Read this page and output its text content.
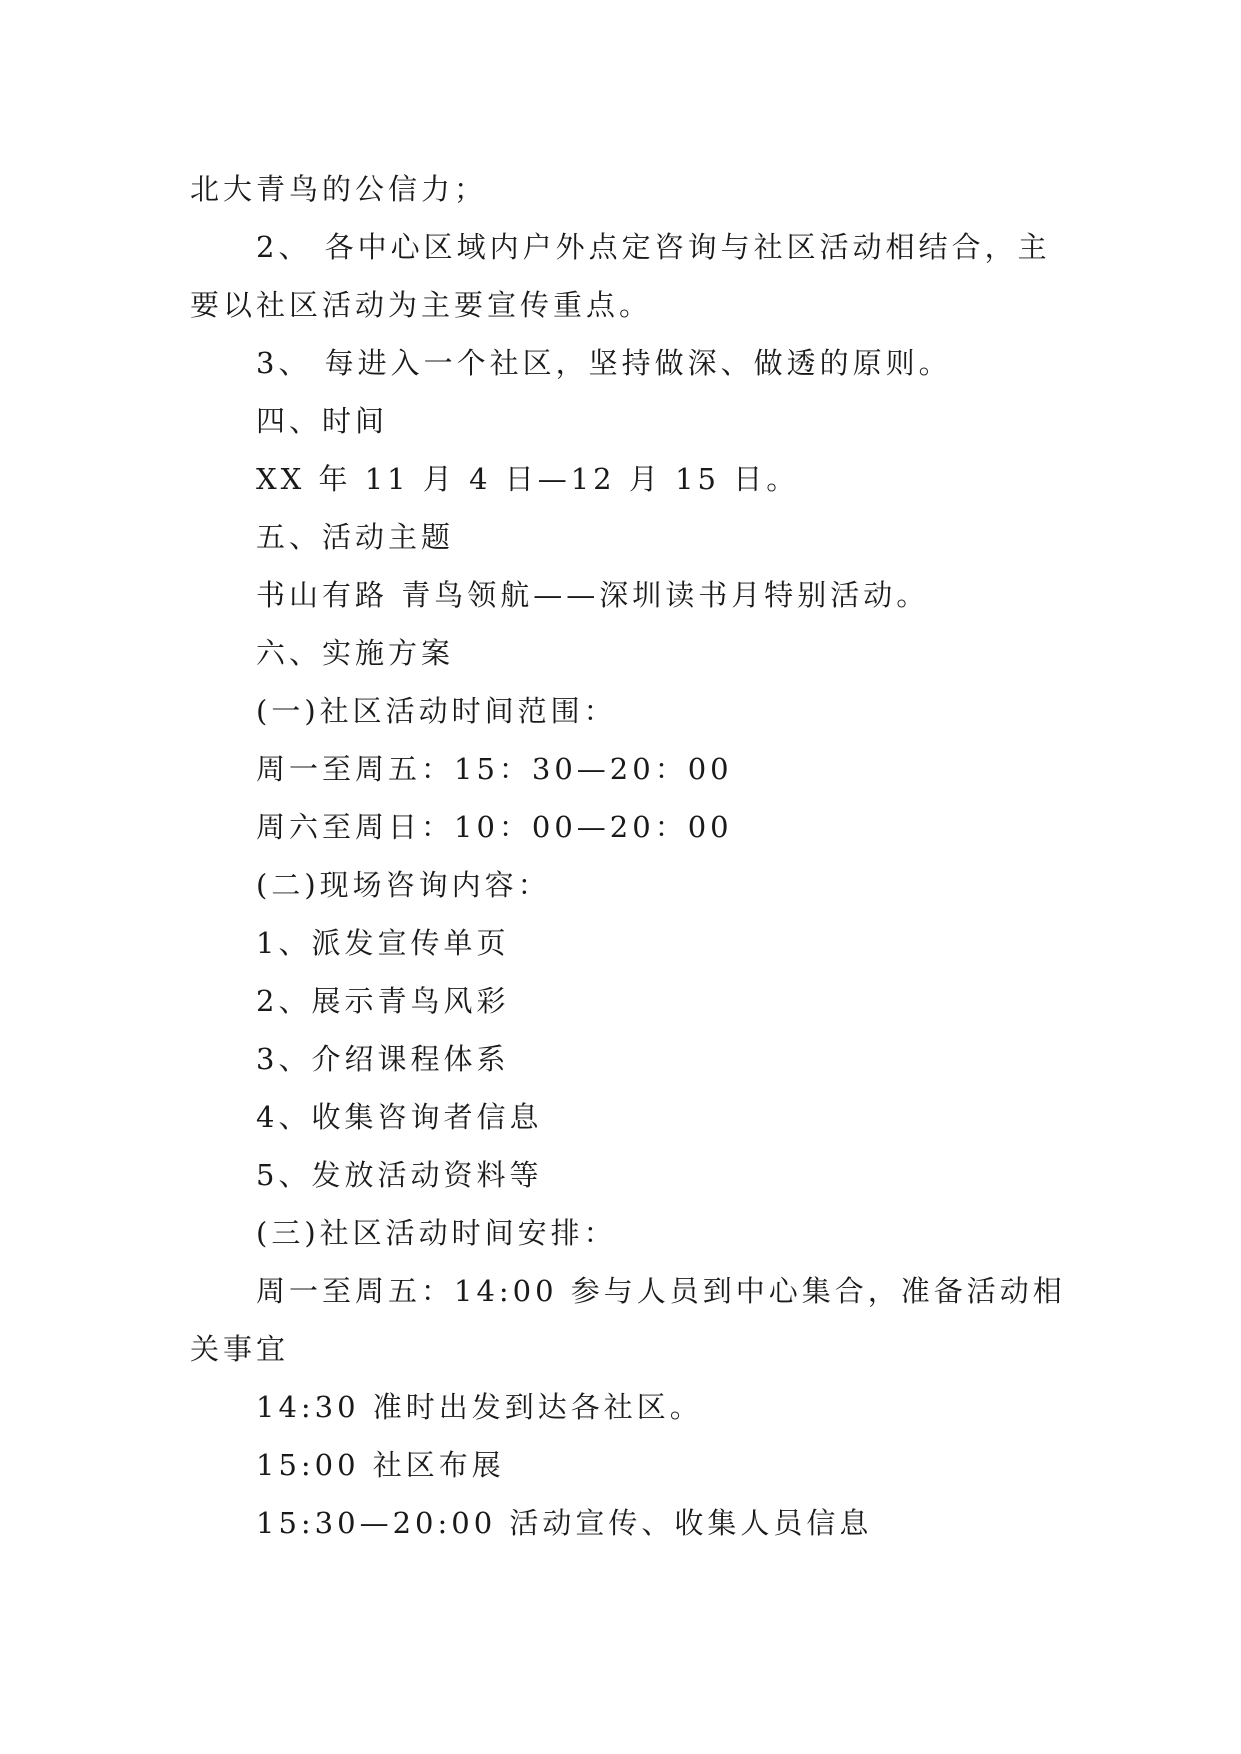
北大青鸟的公信力；
2、 各中心区域内户外点定咨询与社区活动相结合，主
要以社区活动为主要宣传重点。
3、 每进入一个社区，坚持做深、做透的原则。
四、时间
XX 年 11 月 4 日—12 月 15 日。
五、活动主题
书山有路 青鸟领航——深圳读书月特别活动。
六、实施方案
(一)社区活动时间范围：
周一至周五：15：30—20：00
周六至周日：10：00—20：00
(二)现场咨询内容：
1、派发宣传单页
2、展示青鸟风彩
3、介绍课程体系
4、收集咨询者信息
5、发放活动资料等
(三)社区活动时间安排：
周一至周五：14:00 参与人员到中心集合，准备活动相
关事宜
14:30 准时出发到达各社区。
15:00 社区布展
15:30—20:00 活动宣传、收集人员信息
